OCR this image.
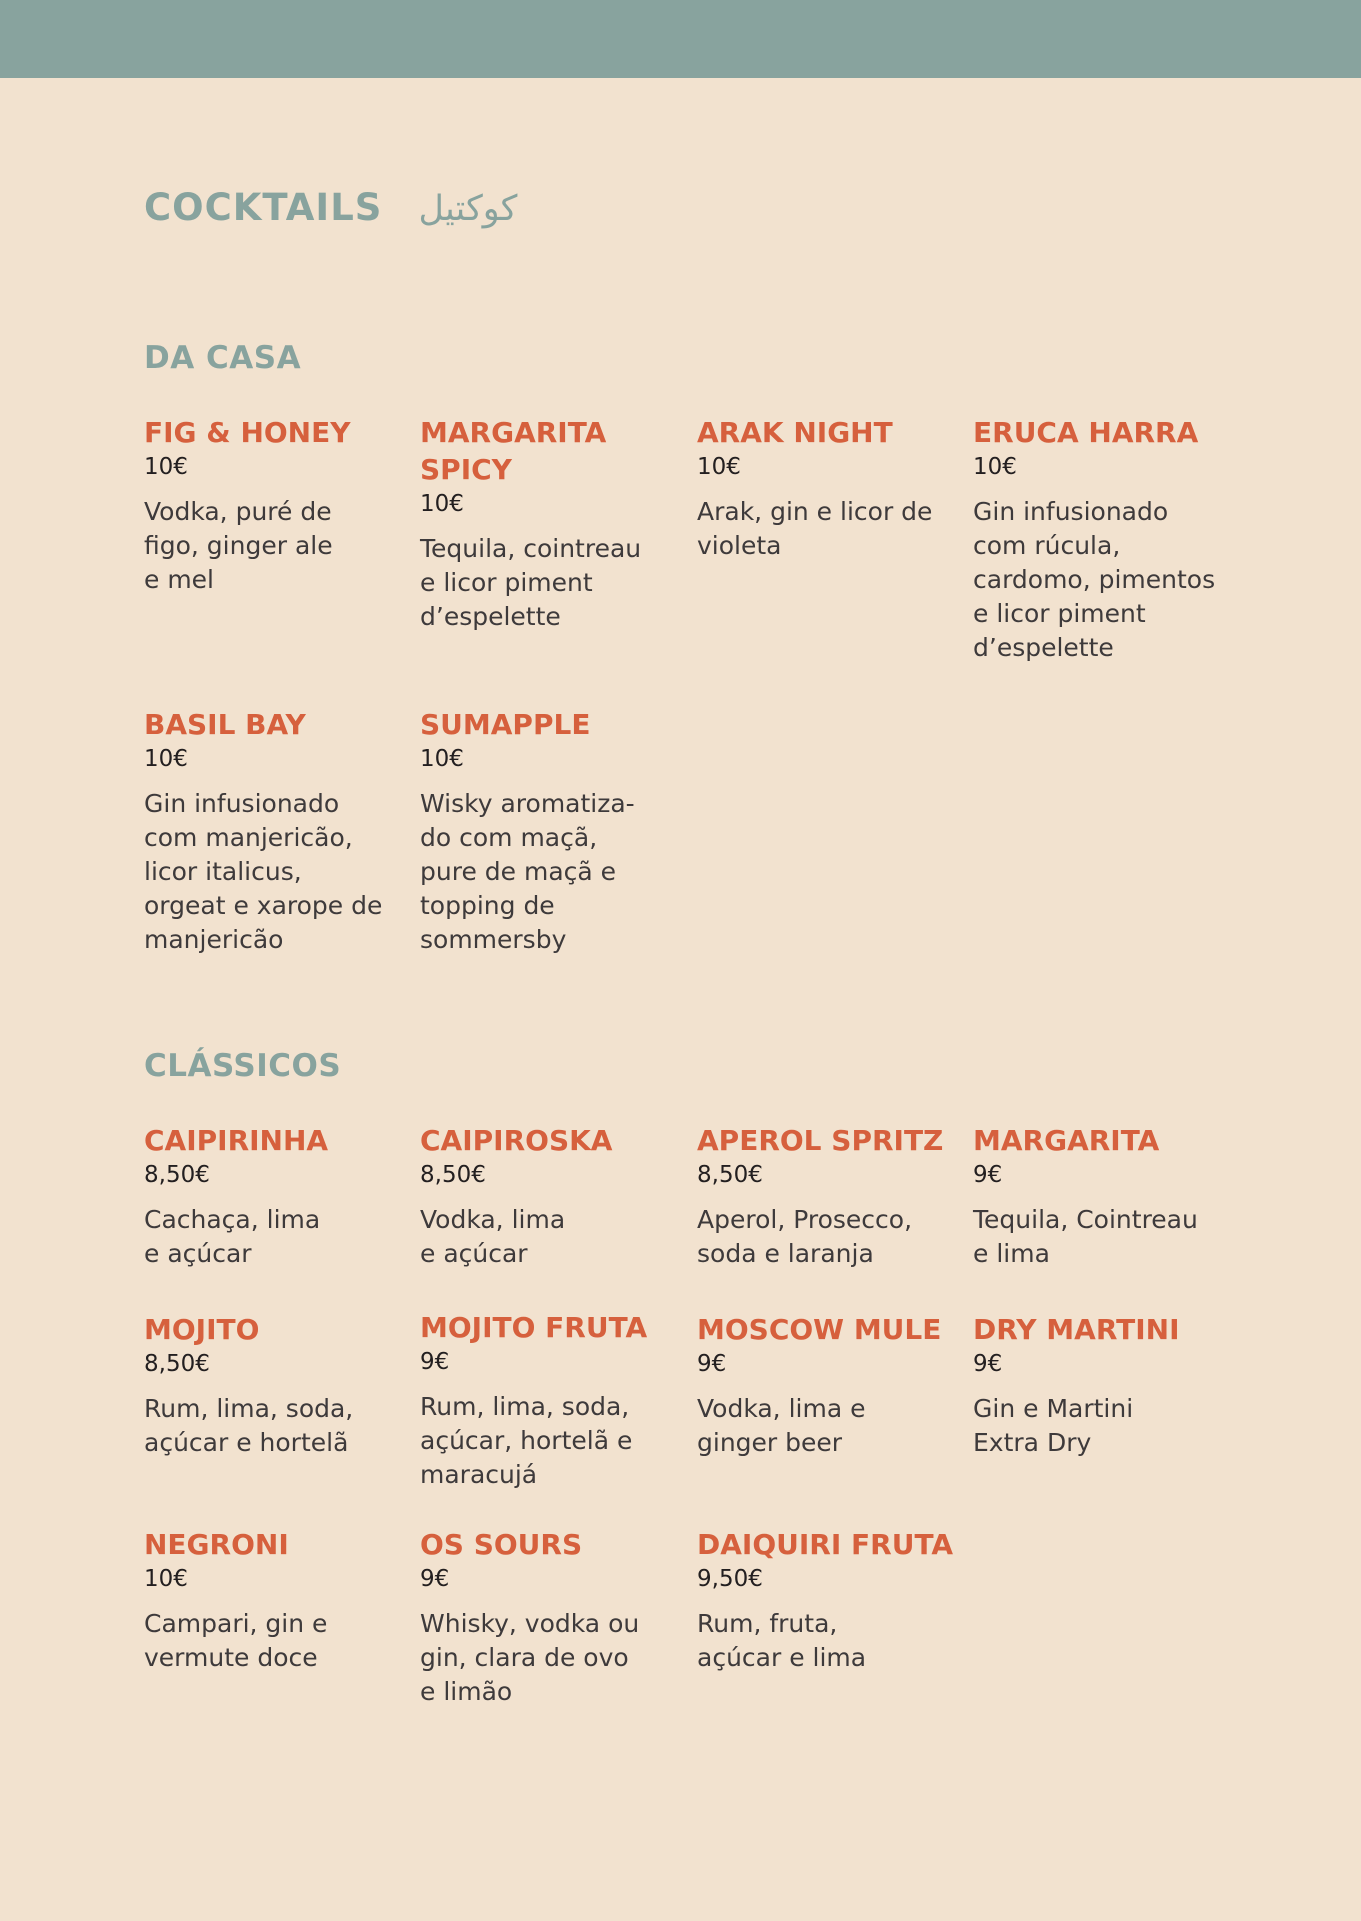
COCKTAILS كوكتيل
DA CASA
FIG & HONEY
10€
Vodka, puré de
figo, ginger ale
e mel
MARGARITA
SPICY
10€
Tequila, cointreau
e licor piment
d’espelette
ARAK NIGHT
10€
Arak, gin e licor de
violeta
ERUCA HARRA
10€
Gin infusionado
com rúcula,
cardomo, pimentos
e licor piment
d’espelette
BASIL BAY
10€
Gin infusionado
com manjericão,
licor italicus,
orgeat e xarope de
manjericão
SUMAPPLE
10€
Wisky aromatiza-
do com maçã,
pure de maçã e
topping de
sommersby
CLÁSSICOS
CAIPIRINHA
8,50€
Cachaça, lima
e açúcar
CAIPIROSKA
8,50€
Vodka, lima
e açúcar
APEROL SPRITZ
8,50€
Aperol, Prosecco,
soda e laranja
MARGARITA
9€
Tequila, Cointreau
e lima
MOJITO
8,50€
Rum, lima, soda,
açúcar e hortelã
MOJITO FRUTA
9€
Rum, lima, soda,
açúcar, hortelã e
maracujá
MOSCOW MULE
9€
Vodka, lima e
ginger beer
DRY MARTINI
9€
Gin e Martini
Extra Dry
NEGRONI
10€
Campari, gin e
vermute doce
OS SOURS
9€
Whisky, vodka ou
gin, clara de ovo
e limão
DAIQUIRI FRUTA
9,50€
Rum, fruta,
açúcar e lima
